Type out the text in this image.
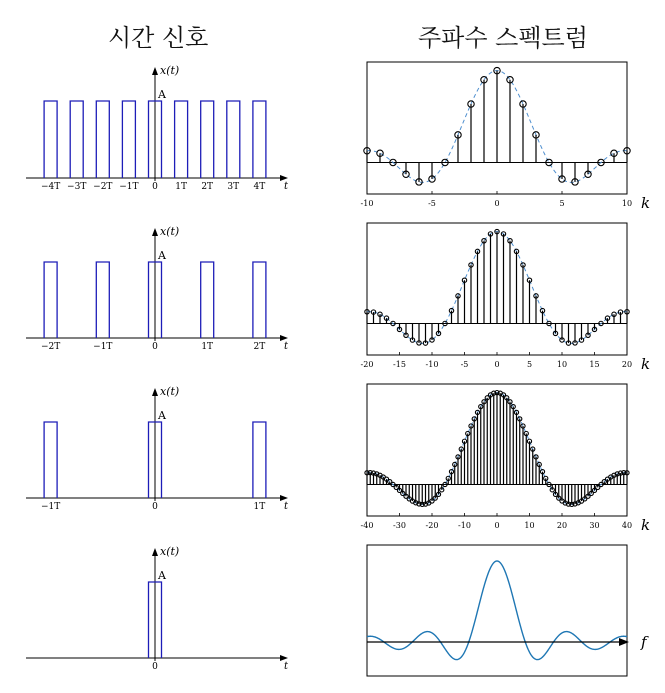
시간 신호	주파수 스펙트럼
x(t)
A
t
−4T −3T −2T −1T 0 1T 2T 3T 4T
x(t)
A
t
−2T	−1T	0	1T	2T
x(t)
A
t
−1T	0	1T
x(t)
A
t
0
-10	-5	0	5	10 k
-20 -15 -10	-5	0	5	10	15	20 k
-40 -30 -20 -10	0	10	20	30	40 k
f
